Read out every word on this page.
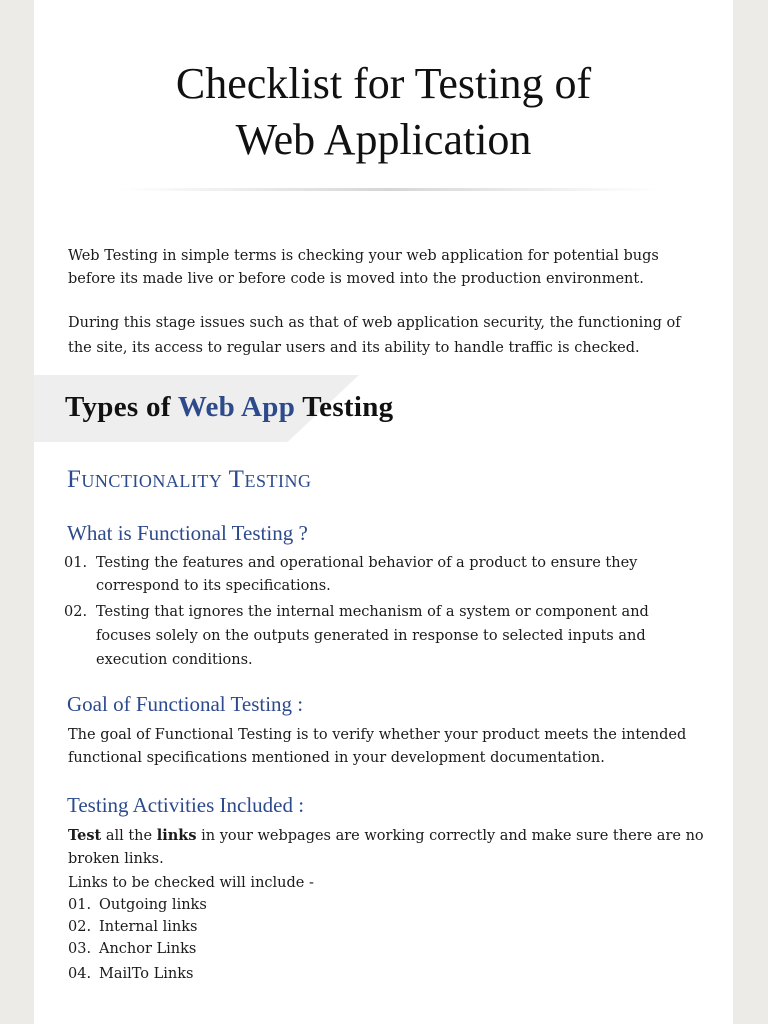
Checklist for Testing of
Web Application

Web Testing in simple terms is checking your web application for potential bugs before its made live or before code is moved into the production environment.

During this stage issues such as that of web application security, the functioning of the site, its access to regular users and its ability to handle traffic is checked.

Types of Web App Testing
Functionality Testing
What is Functional Testing ?
01. Testing the features and operational behavior of a product to ensure they correspond to its specifications.
02. Testing that ignores the internal mechanism of a system or component and focuses solely on the outputs generated in response to selected inputs and execution conditions.
Goal of Functional Testing :

The goal of Functional Testing is to verify whether your product meets the intended functional specifications mentioned in your development documentation.

Testing Activities Included :

Test all the links in your webpages are working correctly and make sure there are no broken links.

Links to be checked will include -

01. Outgoing links
02. Internal links
03. Anchor Links
04. MailTo Links
